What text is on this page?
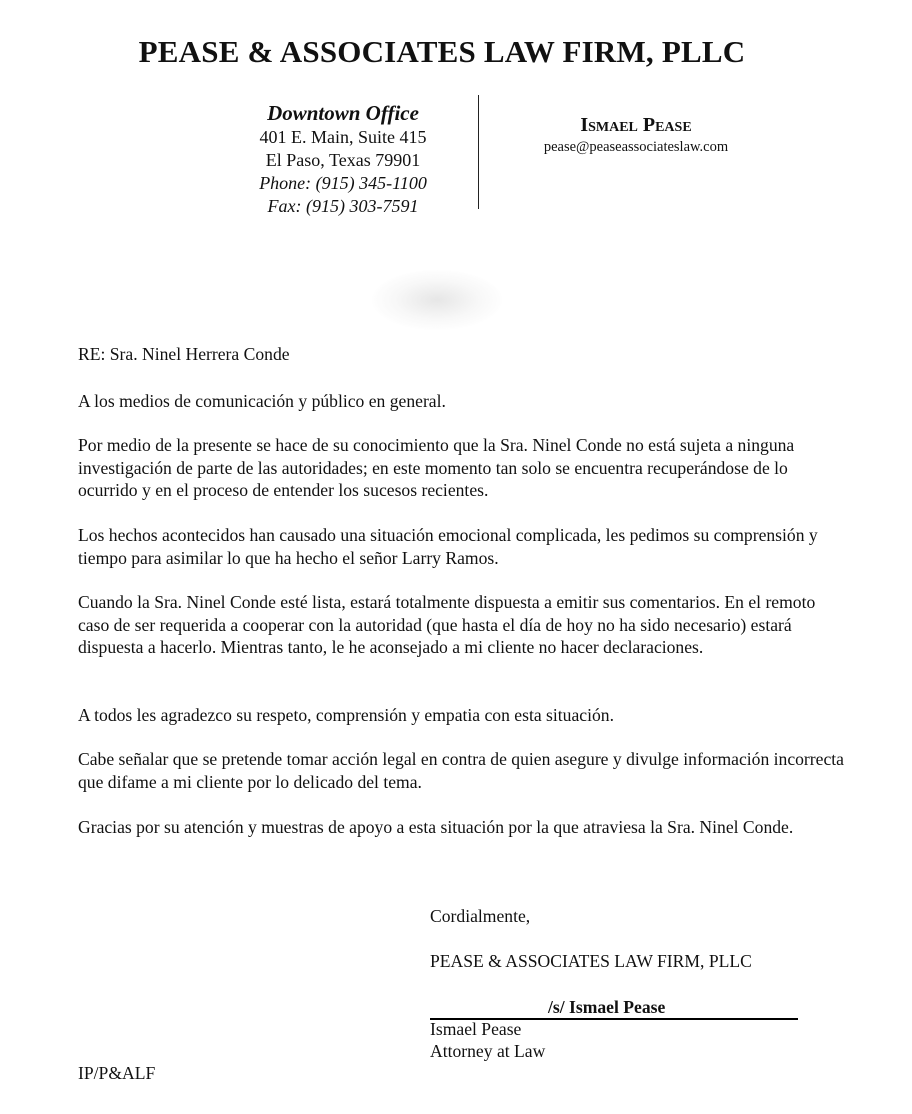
PEASE & ASSOCIATES LAW FIRM, PLLC
Downtown Office
401 E. Main, Suite 415
El Paso, Texas 79901
Phone: (915) 345-1100
Fax: (915) 303-7591
Ismael Pease
pease@peaseassociateslaw.com

RE: Sra. Ninel Herrera Conde

A los medios de comunicación y público en general.

Por medio de la presente se hace de su conocimiento que la Sra. Ninel Conde no está sujeta a ninguna investigación de parte de las autoridades; en este momento tan solo se encuentra recuperándose de lo ocurrido y en el proceso de entender los sucesos recientes.

Los hechos acontecidos han causado una situación emocional complicada, les pedimos su comprensión y tiempo para asimilar lo que ha hecho el señor Larry Ramos.

Cuando la Sra. Ninel Conde esté lista, estará totalmente dispuesta a emitir sus comentarios. En el remoto caso de ser requerida a cooperar con la autoridad (que hasta el día de hoy no ha sido necesario) estará dispuesta a hacerlo. Mientras tanto, le he aconsejado a mi cliente no hacer declaraciones.

A todos les agradezco su respeto, comprensión y empatia con esta situación.

Cabe señalar que se pretende tomar acción legal en contra de quien asegure y divulge información incorrecta que difame a mi cliente por lo delicado del tema.

Gracias por su atención y muestras de apoyo a esta situación por la que atraviesa la Sra. Ninel Conde.

Cordialmente,

PEASE & ASSOCIATES LAW FIRM, PLLC

/s/ Ismael Pease

Ismael Pease

Attorney at Law

IP/P&ALF
